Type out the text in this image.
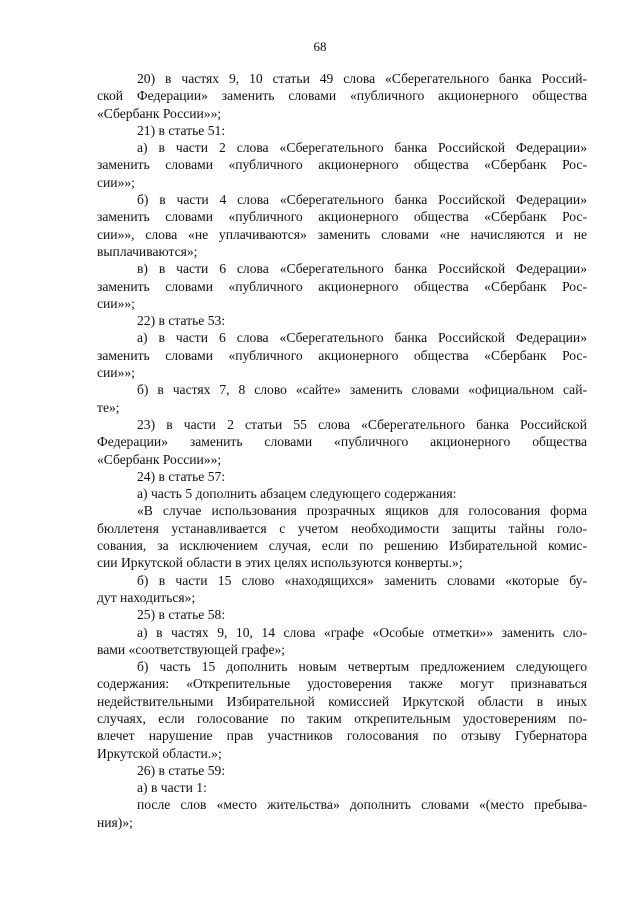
68
20) в частях 9, 10 статьи 49 слова «Сберегательного банка Россий-
ской Федерации» заменить словами «публичного акционерного общества
«Сбербанк России»»;
21) в статье 51:
а) в части 2 слова «Сберегательного банка Российской Федерации»
заменить словами «публичного акционерного общества «Сбербанк Рос-
сии»»;
б) в части 4 слова «Сберегательного банка Российской Федерации»
заменить словами «публичного акционерного общества «Сбербанк Рос-
сии»», слова «не уплачиваются» заменить словами «не начисляются и не
выплачиваются»;
в) в части 6 слова «Сберегательного банка Российской Федерации»
заменить словами «публичного акционерного общества «Сбербанк Рос-
сии»»;
22) в статье 53:
а) в части 6 слова «Сберегательного банка Российской Федерации»
заменить словами «публичного акционерного общества «Сбербанк Рос-
сии»»;
б) в частях 7, 8 слово «сайте» заменить словами «официальном сай-
те»;
23) в части 2 статьи 55 слова «Сберегательного банка Российской
Федерации» заменить словами «публичного акционерного общества
«Сбербанк России»»;
24) в статье 57:
а) часть 5 дополнить абзацем следующего содержания:
«В случае использования прозрачных ящиков для голосования форма
бюллетеня устанавливается с учетом необходимости защиты тайны голо-
сования, за исключением случая, если по решению Избирательной комис-
сии Иркутской области в этих целях используются конверты.»;
б) в части 15 слово «находящихся» заменить словами «которые бу-
дут находиться»;
25) в статье 58:
а) в частях 9, 10, 14 слова «графе «Особые отметки»» заменить сло-
вами «соответствующей графе»;
б) часть 15 дополнить новым четвертым предложением следующего
содержания: «Открепительные удостоверения также могут признаваться
недействительными Избирательной комиссией Иркутской области в иных
случаях, если голосование по таким открепительным удостоверениям по-
влечет нарушение прав участников голосования по отзыву Губернатора
Иркутской области.»;
26) в статье 59:
а) в части 1:
после слов «место жительства» дополнить словами «(место пребыва-
ния)»;
